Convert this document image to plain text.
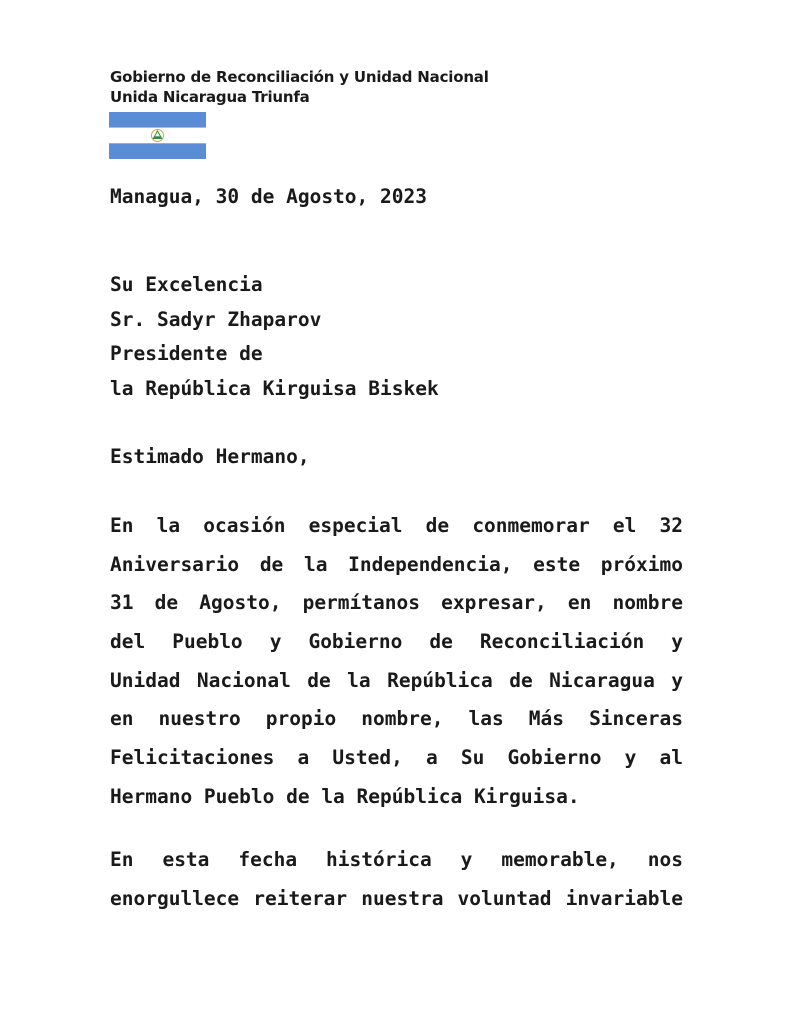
Gobierno de Reconciliación y Unidad Nacional
Unida Nicaragua Triunfa
Managua, 30 de Agosto, 2023
Su Excelencia
Sr. Sadyr Zhaparov
Presidente de
la República Kirguisa Biskek
Estimado Hermano,
En la ocasión especial de conmemorar el 32
Aniversario de la Independencia, este próximo
31 de Agosto, permítanos expresar, en nombre
del Pueblo y Gobierno de Reconciliación y
Unidad Nacional de la República de Nicaragua y
en nuestro propio nombre, las Más Sinceras
Felicitaciones a Usted, a Su Gobierno y al
Hermano Pueblo de la República Kirguisa.
En esta fecha histórica y memorable, nos
enorgullece reiterar nuestra voluntad invariable
